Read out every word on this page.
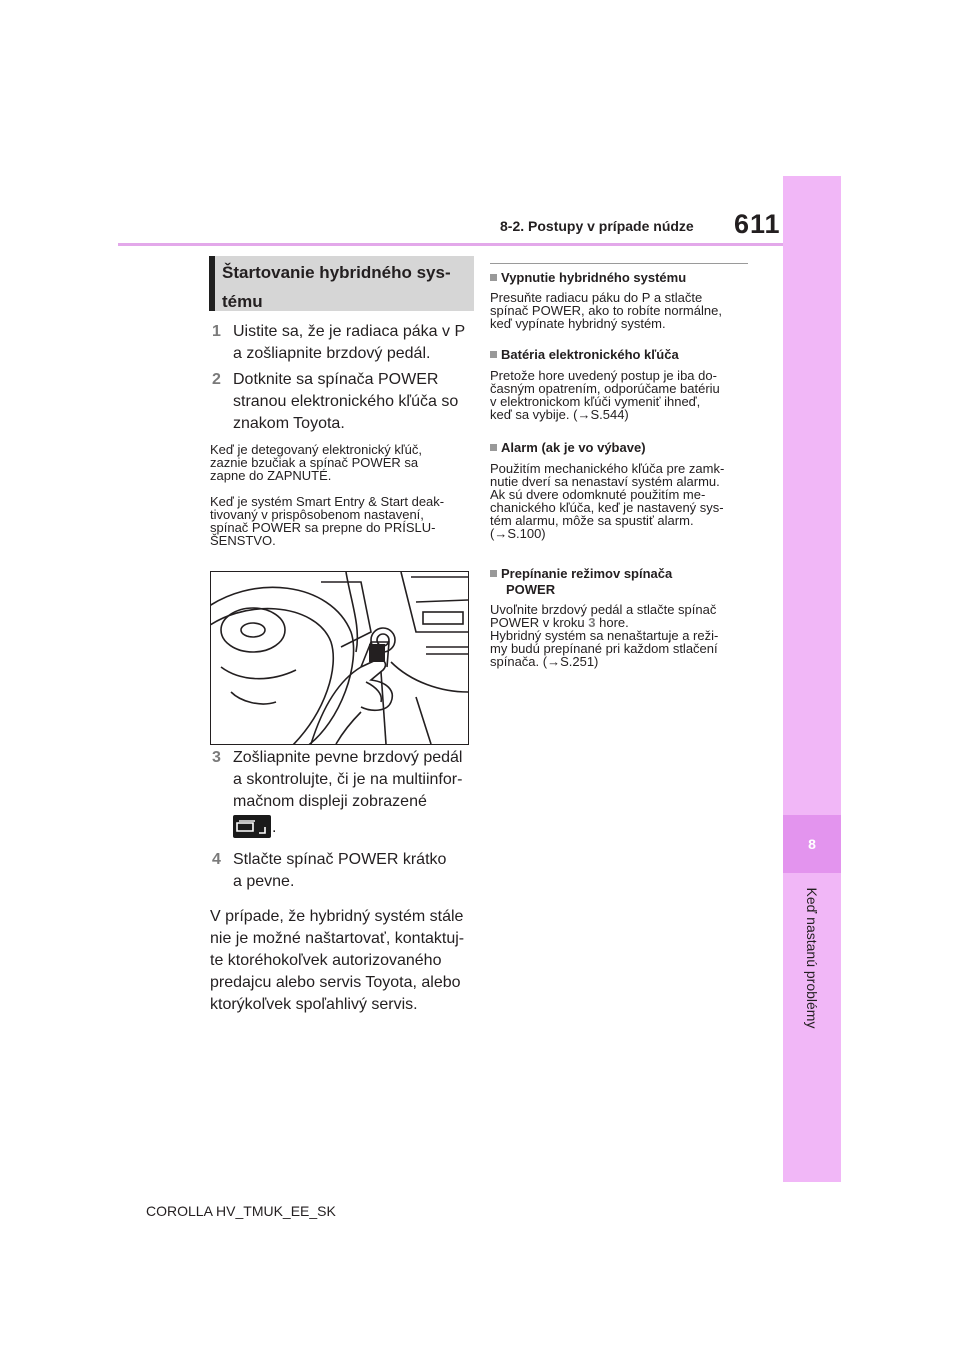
8-2. Postupy v prípade núdze 611
8
Keď nastanú problémy
Štartovanie hybridného sys-
tému
1 Uistite sa, že je radiaca páka v P
a zošliapnite brzdový pedál.
2 Dotknite sa spínača POWER
stranou elektronického kľúča so
znakom Toyota.
Keď je detegovaný elektronický kľúč,
zaznie bzučiak a spínač POWER sa
zapne do ZAPNUTÉ.
Keď je systém Smart Entry & Start deak-
tivovaný v prispôsobenom nastavení,
spínač POWER sa prepne do PRÍSLU-
ŠENSTVO.
3 Zošliapnite pevne brzdový pedál
a skontrolujte, či je na multiinfor-
mačnom displeji zobrazené
.
4 Stlačte spínač POWER krátko
a pevne.
V prípade, že hybridný systém stále
nie je možné naštartovať, kontaktuj-
te ktoréhokoľvek autorizovaného
predajcu alebo servis Toyota, alebo
ktorýkoľvek spoľahlivý servis.
Vypnutie hybridného systému
Presuňte radiacu páku do P a stlačte
spínač POWER, ako to robíte normálne,
keď vypínate hybridný systém.
Batéria elektronického kľúča
Pretože hore uvedený postup je iba do-
časným opatrením, odporúčame batériu
v elektronickom kľúči vymeniť ihneď,
keď sa vybije. (→S.544)
Alarm (ak je vo výbave)
Použitím mechanického kľúča pre zamk-
nutie dverí sa nenastaví systém alarmu.
Ak sú dvere odomknuté použitím me-
chanického kľúča, keď je nastavený sys-
tém alarmu, môže sa spustiť alarm.
(→S.100)
Prepínanie režimov spínača
POWER
Uvoľnite brzdový pedál a stlačte spínač
POWER v kroku 3 hore.
Hybridný systém sa nenaštartuje a reži-
my budú prepínané pri každom stlačení
spínača. (→S.251)
COROLLA HV_TMUK_EE_SK
